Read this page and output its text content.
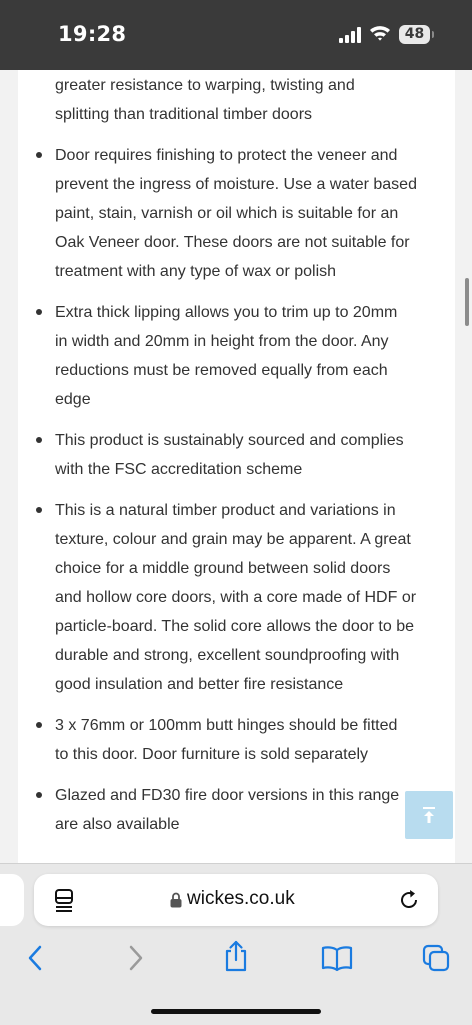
19:28	48
greater resistance to warping, twisting and
splitting than traditional timber doors
Door requires finishing to protect the veneer and
prevent the ingress of moisture. Use a water based
paint, stain, varnish or oil which is suitable for an
Oak Veneer door. These doors are not suitable for
treatment with any type of wax or polish
Extra thick lipping allows you to trim up to 20mm
in width and 20mm in height from the door. Any
reductions must be removed equally from each
edge
This product is sustainably sourced and complies
with the FSC accreditation scheme
This is a natural timber product and variations in
texture, colour and grain may be apparent. A great
choice for a middle ground between solid doors
and hollow core doors, with a core made of HDF or
particle-board. The solid core allows the door to be
durable and strong, excellent soundproofing with
good insulation and better fire resistance
3 x 76mm or 100mm butt hinges should be fitted
to this door. Door furniture is sold separately
Glazed and FD30 fire door versions in this range
are also available
wickes.co.uk
